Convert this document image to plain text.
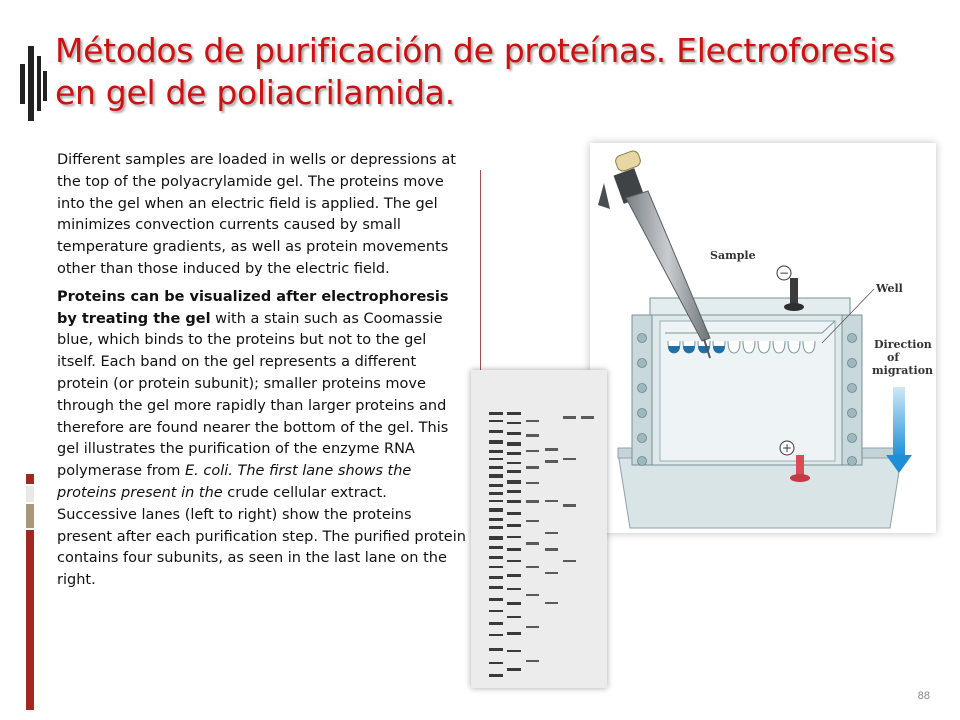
Métodos de purificación de proteínas. Electroforesis en gel de poliacrilamida.

Different samples are loaded in wells or depressions at the top of the polyacrylamide gel. The proteins move into the gel when an electric field is applied. The gel minimizes convection currents caused by small temperature gradients, as well as protein movements other than those induced by the electric field.

Proteins can be visualized after electrophoresis by treating the gel with a stain such as Coomassie blue, which binds to the proteins but not to the gel itself. Each band on the gel represents a different protein (or protein subunit); smaller proteins move through the gel more rapidly than larger proteins and therefore are found nearer the bottom of the gel. This gel illustrates the purification of the enzyme RNA polymerase from E. coli. The first lane shows the proteins present in the crude cellular extract. Successive lanes (left to right) show the proteins present after each purification step. The purified protein contains four subunits, as seen in the last lane on the right.

−
+
Sample
Well
Direction of migration
88
